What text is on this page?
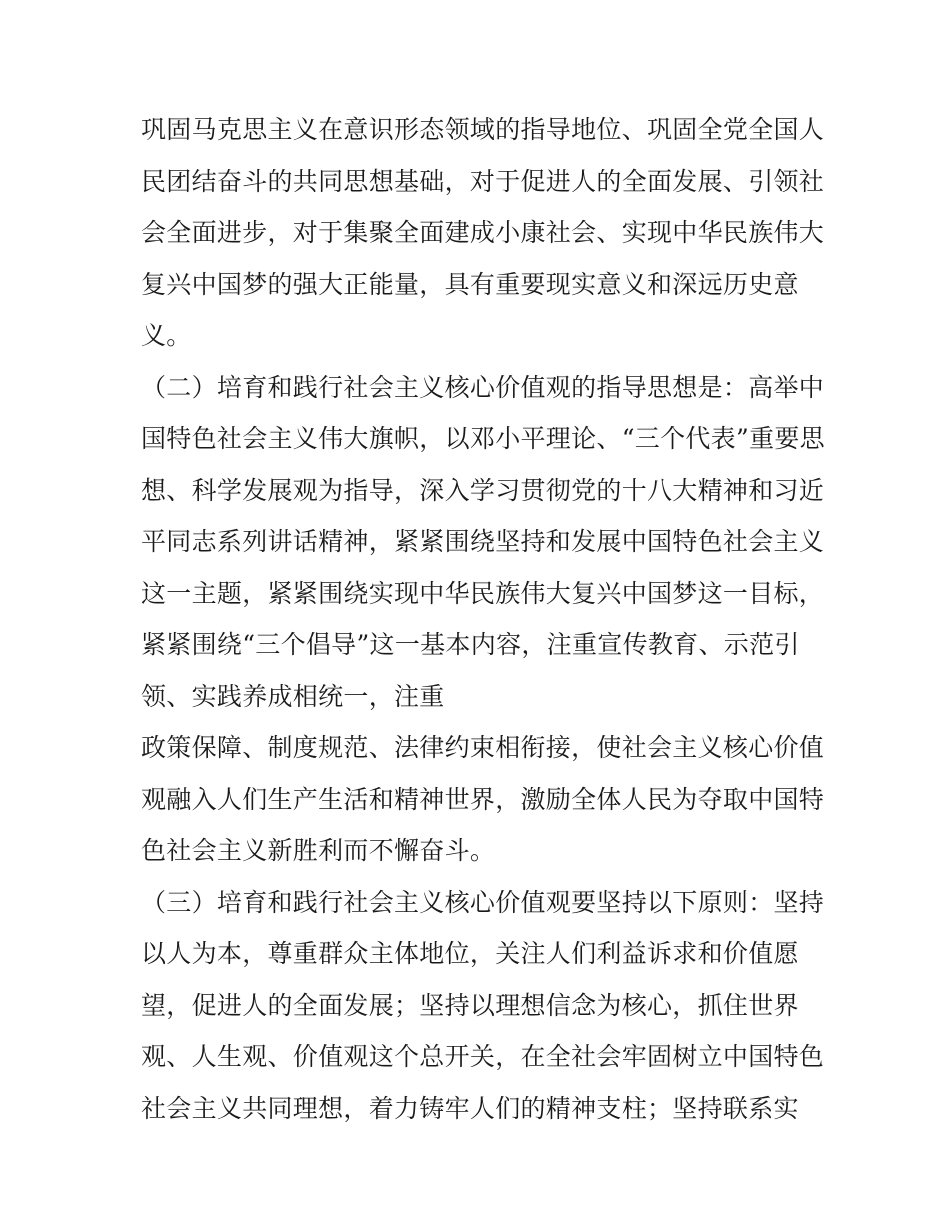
巩固马克思主义在意识形态领域的指导地位、巩固全党全国人
民团结奋斗的共同思想基础，对于促进人的全面发展、引领社
会全面进步，对于集聚全面建成小康社会、实现中华民族伟大
复兴中国梦的强大正能量，具有重要现实意义和深远历史意
义。
（二）培育和践行社会主义核心价值观的指导思想是：高举中
国特色社会主义伟大旗帜，以邓小平理论、“三个代表”重要思
想、科学发展观为指导，深入学习贯彻党的十八大精神和习近
平同志系列讲话精神，紧紧围绕坚持和发展中国特色社会主义
这一主题，紧紧围绕实现中华民族伟大复兴中国梦这一目标，
紧紧围绕“三个倡导”这一基本内容，注重宣传教育、示范引
领、实践养成相统一，注重
政策保障、制度规范、法律约束相衔接，使社会主义核心价值
观融入人们生产生活和精神世界，激励全体人民为夺取中国特
色社会主义新胜利而不懈奋斗。
（三）培育和践行社会主义核心价值观要坚持以下原则：坚持
以人为本，尊重群众主体地位，关注人们利益诉求和价值愿
望，促进人的全面发展；坚持以理想信念为核心，抓住世界
观、人生观、价值观这个总开关，在全社会牢固树立中国特色
社会主义共同理想，着力铸牢人们的精神支柱；坚持联系实
